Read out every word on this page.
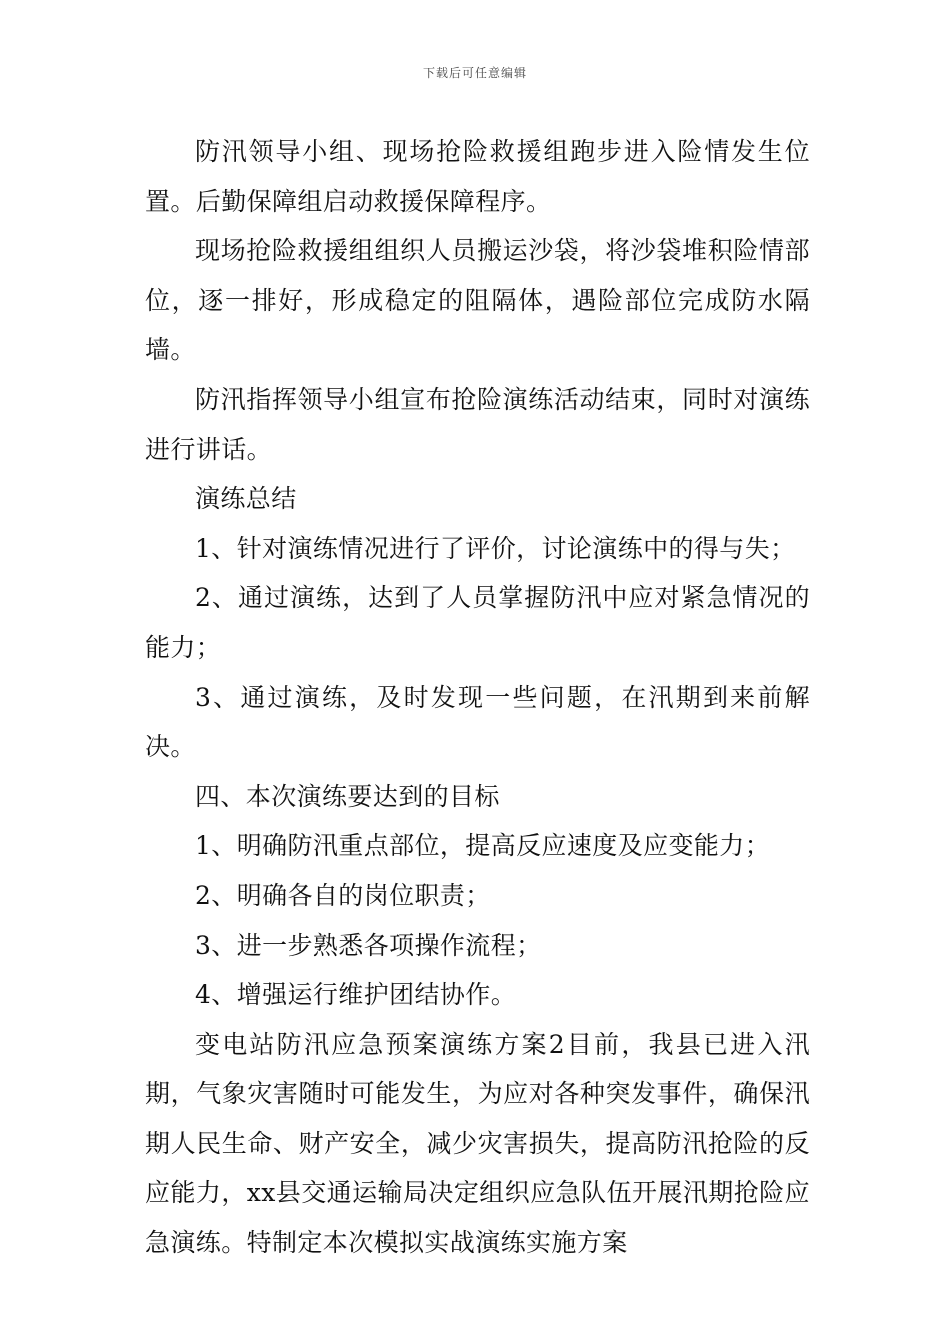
下载后可任意编辑

防汛领导小组、现场抢险救援组跑步进入险情发生位置。后勤保障组启动救援保障程序。

现场抢险救援组组织人员搬运沙袋，将沙袋堆积险情部位，逐一排好，形成稳定的阻隔体，遇险部位完成防水隔墙。

防汛指挥领导小组宣布抢险演练活动结束，同时对演练进行讲话。

演练总结

1、针对演练情况进行了评价，讨论演练中的得与失；

2、通过演练，达到了人员掌握防汛中应对紧急情况的能力；

3、通过演练，及时发现一些问题，在汛期到来前解决。

四、本次演练要达到的目标

1、明确防汛重点部位，提高反应速度及应变能力；

2、明确各自的岗位职责；

3、进一步熟悉各项操作流程；

4、增强运行维护团结协作。

变电站防汛应急预案演练方案2目前，我县已进入汛期，气象灾害随时可能发生，为应对各种突发事件，确保汛期人民生命、财产安全，减少灾害损失，提高防汛抢险的反应能力，xx县交通运输局决定组织应急队伍开展汛期抢险应急演练。特制定本次模拟实战演练实施方案
